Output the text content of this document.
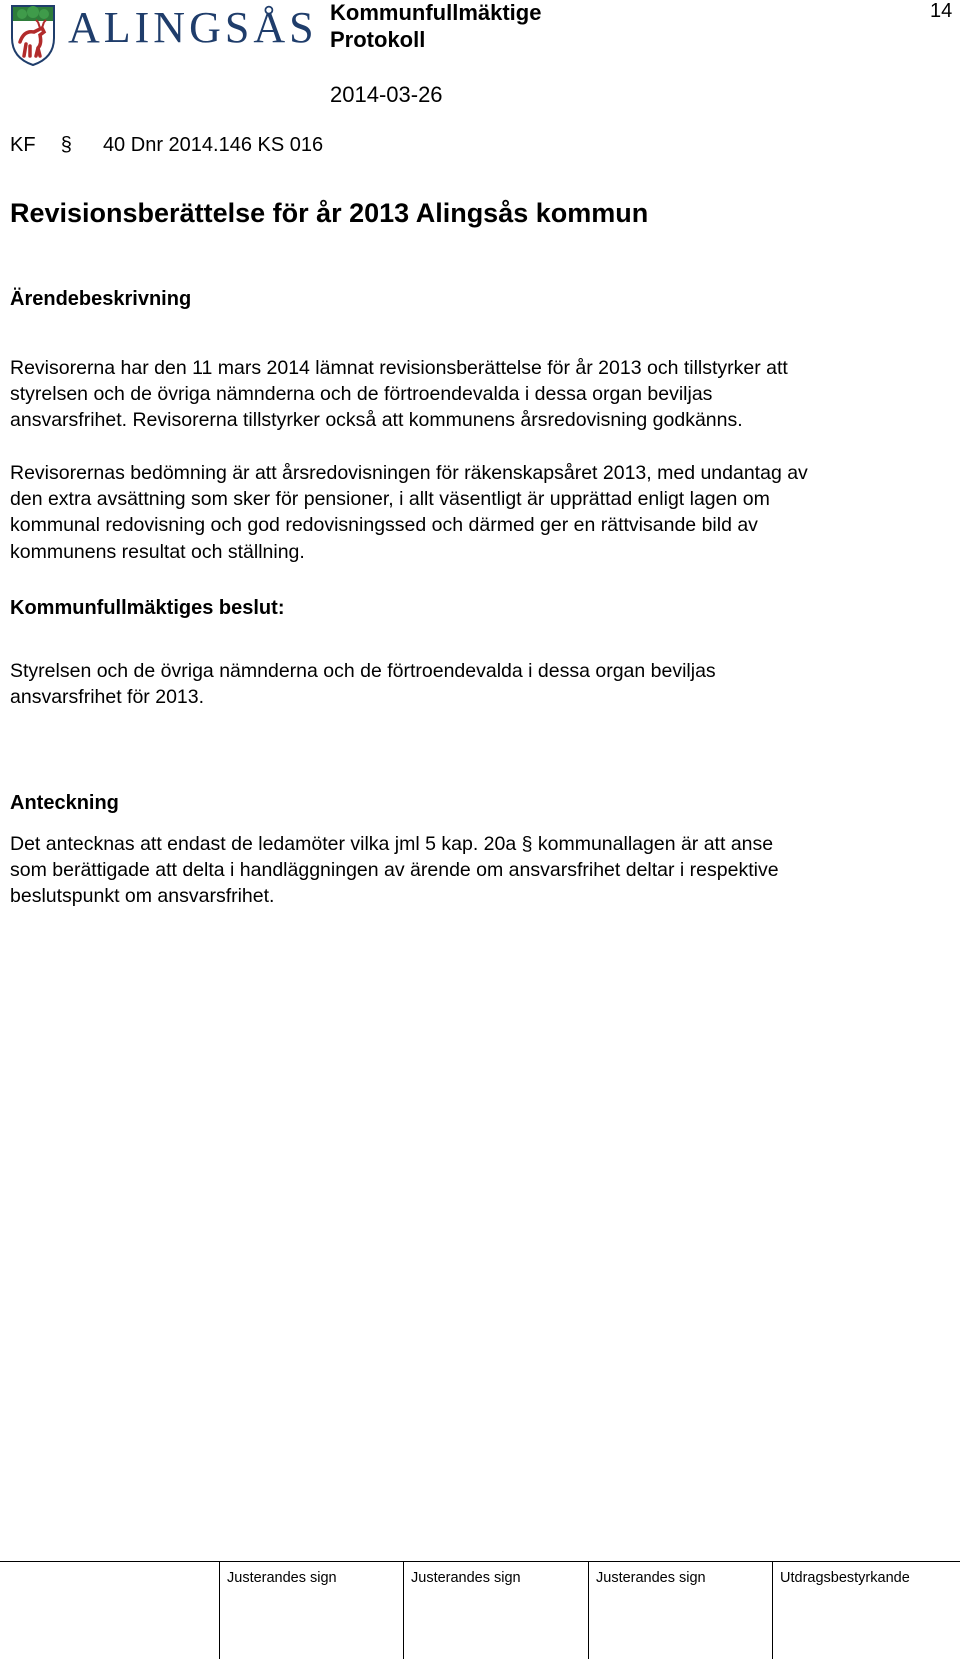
ALINGSÅS Kommunfullmäktige
Protokoll
14
2014-03-26
KF § 40 Dnr 2014.146 KS 016
Revisionsberättelse för år 2013 Alingsås kommun
Ärendebeskrivning
Revisorerna har den 11 mars 2014 lämnat revisionsberättelse för år 2013 och tillstyrker att
styrelsen och de övriga nämnderna och de förtroendevalda i dessa organ beviljas
ansvarsfrihet. Revisorerna tillstyrker också att kommunens årsredovisning godkänns.
Revisorernas bedömning är att årsredovisningen för räkenskapsåret 2013, med undantag av
den extra avsättning som sker för pensioner, i allt väsentligt är upprättad enligt lagen om
kommunal redovisning och god redovisningssed och därmed ger en rättvisande bild av
kommunens resultat och ställning.
Kommunfullmäktiges beslut:
Styrelsen och de övriga nämnderna och de förtroendevalda i dessa organ beviljas
ansvarsfrihet för 2013.
Anteckning
Det antecknas att endast de ledamöter vilka jml 5 kap. 20a § kommunallagen är att anse
som berättigade att delta i handläggningen av ärende om ansvarsfrihet deltar i respektive
beslutspunkt om ansvarsfrihet.
Justerandes sign	Justerandes sign	Justerandes sign	Utdragsbestyrkande
